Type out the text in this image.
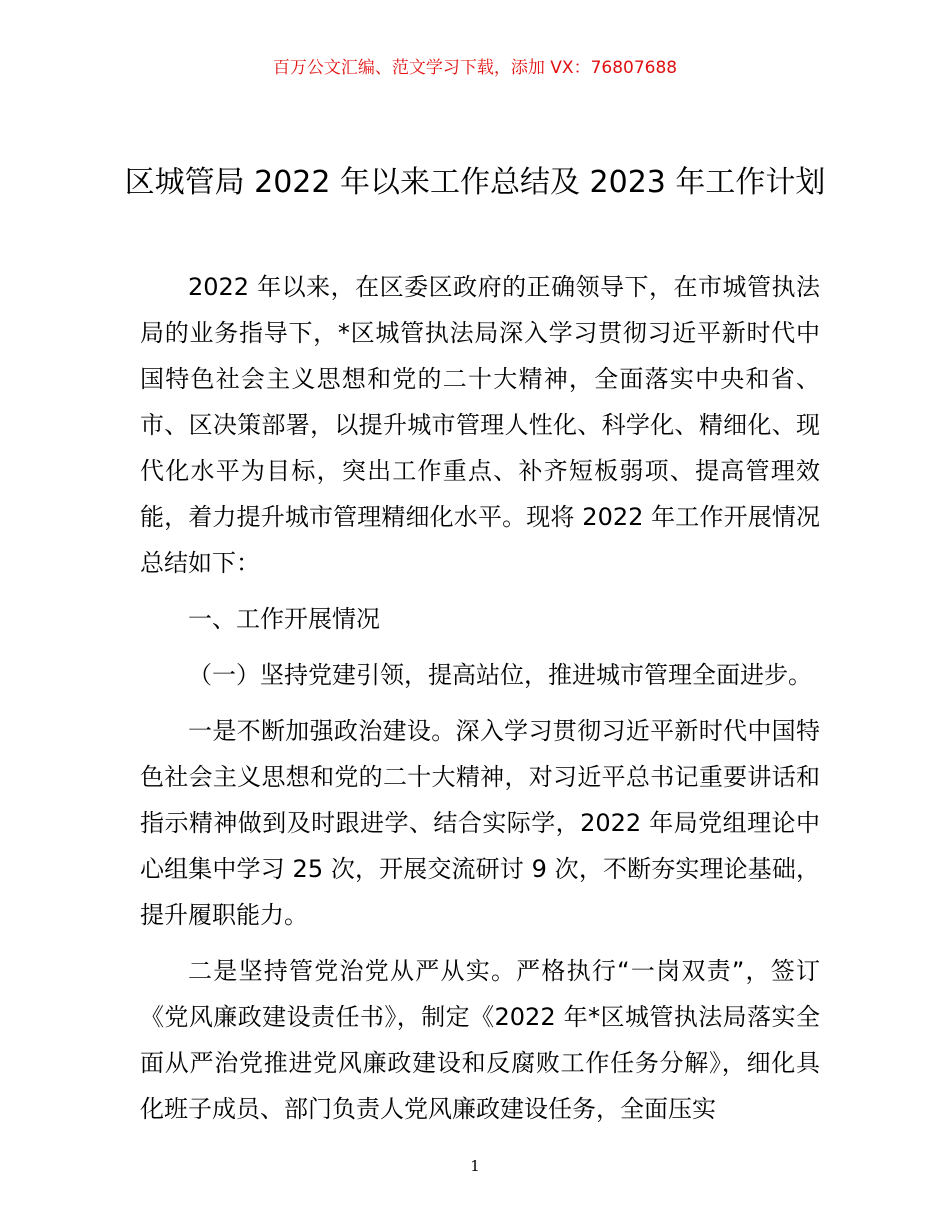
百万公文汇编、范文学习下载，添加 VX：76807688
区城管局 2022 年以来工作总结及 2023 年工作计划

2022 年以来，在区委区政府的正确领导下，在市城管执法局的业务指导下，*区城管执法局深入学习贯彻习近平新时代中国特色社会主义思想和党的二十大精神，全面落实中央和省、市、区决策部署，以提升城市管理人性化、科学化、精细化、现代化水平为目标，突出工作重点、补齐短板弱项、提高管理效能，着力提升城市管理精细化水平。现将 2022 年工作开展情况总结如下：

一、工作开展情况

（一）坚持党建引领，提高站位，推进城市管理全面进步。

一是不断加强政治建设。深入学习贯彻习近平新时代中国特色社会主义思想和党的二十大精神，对习近平总书记重要讲话和指示精神做到及时跟进学、结合实际学，2022 年局党组理论中心组集中学习 25 次，开展交流研讨 9 次，不断夯实理论基础，提升履职能力。

二是坚持管党治党从严从实。严格执行“一岗双责”，签订《党风廉政建设责任书》，制定《2022 年*区城管执法局落实全面从严治党推进党风廉政建设和反腐败工作任务分解》，细化具化班子成员、部门负责人党风廉政建设任务，全面压实

1
